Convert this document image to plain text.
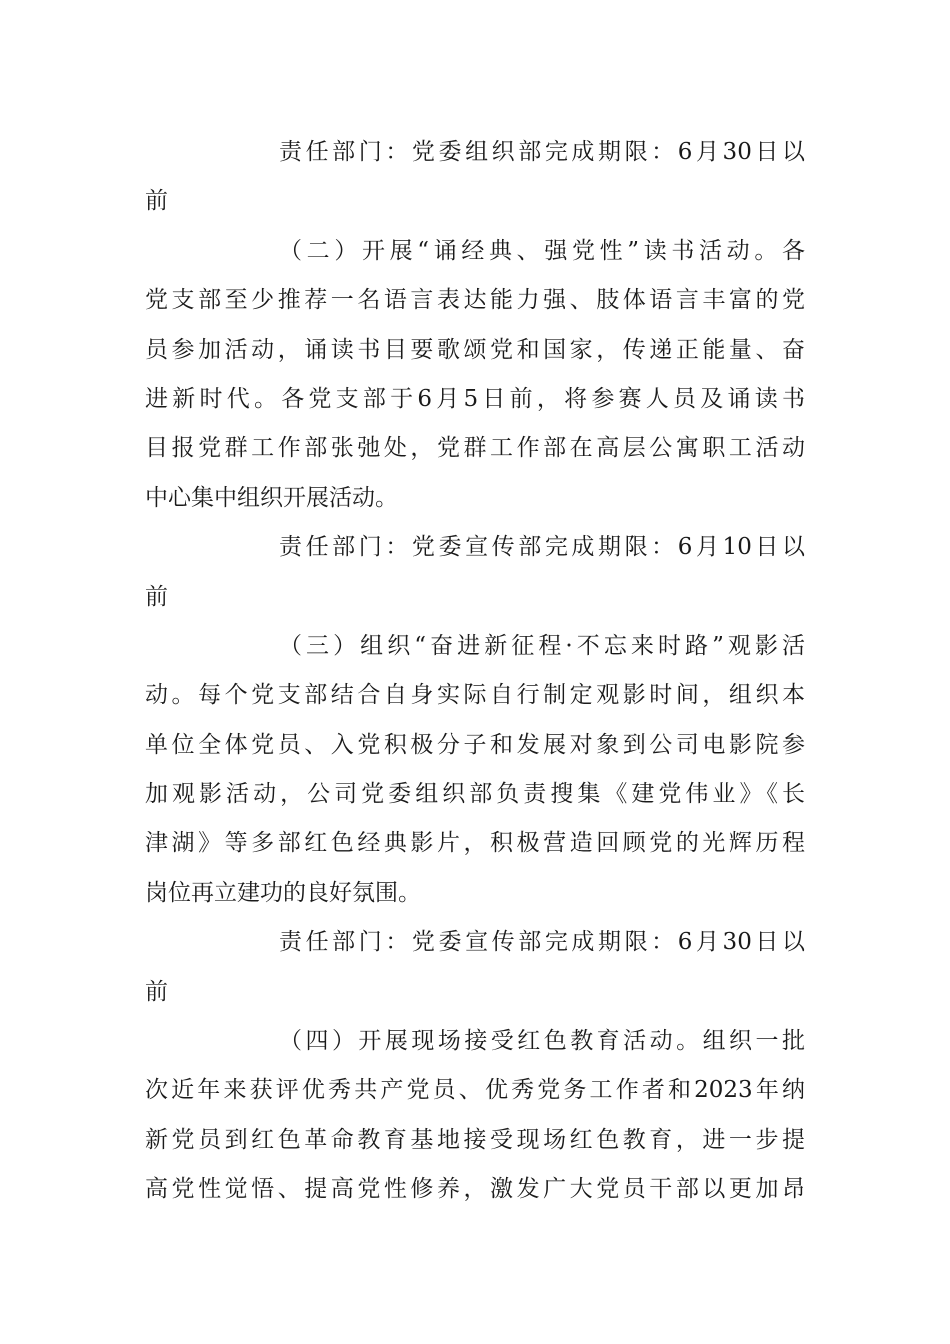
责任部门：党委组织部完成期限：6月30日以

前

（二）开展“诵经典、强党性”读书活动。各

党支部至少推荐一名语言表达能力强、肢体语言丰富的党

员参加活动，诵读书目要歌颂党和国家，传递正能量、奋

进新时代。各党支部于6月5日前，将参赛人员及诵读书

目报党群工作部张弛处，党群工作部在高层公寓职工活动

中心集中组织开展活动。

责任部门：党委宣传部完成期限：6月10日以

前

（三）组织“奋进新征程·不忘来时路”观影活

动。每个党支部结合自身实际自行制定观影时间，组织本

单位全体党员、入党积极分子和发展对象到公司电影院参

加观影活动，公司党委组织部负责搜集《建党伟业》《长

津湖》等多部红色经典影片，积极营造回顾党的光辉历程

岗位再立建功的良好氛围。

责任部门：党委宣传部完成期限：6月30日以

前

（四）开展现场接受红色教育活动。组织一批

次近年来获评优秀共产党员、优秀党务工作者和2023年纳

新党员到红色革命教育基地接受现场红色教育，进一步提

高党性觉悟、提高党性修养，激发广大党员干部以更加昂
